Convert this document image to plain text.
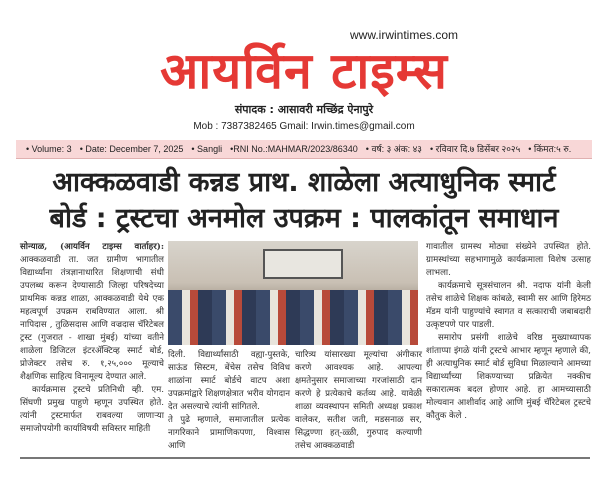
www.irwintimes.com
आयर्विन टाइम्स
संपादक : आसावरी मच्छिंद्र ऐनापुरे
Mob : 7387382465 Gmail: Irwin.times@gmail.com
• Volume: 3 • Date: December 7, 2025 • Sangli •RNI No.:MAHMAR/2023/86340 • वर्ष: ३ अंक: ४३ • रविवार दि.७ डिसेंबर २०२५ • किंमत:५ रु.
आक्कळवाडी कन्नड प्राथ. शाळेला अत्याधुनिक स्मार्ट
बोर्ड : ट्रस्टचा अनमोल उपक्रम : पालकांतून समाधान

सोन्याळ, (आयर्विन टाइम्स वार्ताहर): आक्कळवाडी ता. जत ग्रामीण भागातील विद्यार्थ्यांना तंत्रज्ञानाधारित शिक्षणाची संधी उपलब्ध करून देण्यासाठी जिल्हा परिषदेच्या प्राथमिक कन्नड शाळा, आक्कळवाडी येथे एक महत्वपूर्ण उपक्रम राबविण्यात आला. श्री नापिदास , तुळिसदास आणि वज्रदास चॅरिटेबल ट्रस्ट (गुजरात - शाखा मुंबई) यांच्या वतीने शाळेला डिजिटल इंटरॲक्टिव्ह स्मार्ट बोर्ड, प्रोजेक्टर तसेच रु. १,२५,००० मूल्याचे शैक्षणिक साहित्य विनामूल्य देण्यात आले.

कार्यक्रमास ट्रस्टचे प्रतिनिधी व्ही. एम. सिंघणी प्रमुख पाहुणे म्हणून उपस्थित होते. त्यांनी ट्रस्टमार्फत राबवल्या जाणाऱ्या समाजोपयोगी कार्याविषयी सविस्तर माहिती

दिली. विद्यार्थ्यांसाठी वह्या-पुस्तके, साऊंड सिस्टम, बेंचेस तसेच विविध शाळांना स्मार्ट बोर्डचे वाटप अशा उपक्रमांद्वारे शिक्षणक्षेत्रात भरीव योगदान देत असल्याचे त्यांनी सांगितले.

ते पुढे म्हणाले, समाजातील प्रत्येक नागरिकाने प्रामाणिकपणा, विश्वास आणि

चारित्र्य यांसारख्या मूल्यांचा अंगीकार करणे आवश्यक आहे. आपल्या क्षमतेनुसार समाजाच्या गरजांसाठी दान करणे हे प्रत्येकाचे कर्तव्य आहे. यावेळी शाळा व्यवस्थापन समिती अध्यक्ष प्रकाश वालेकर, सतीश जती, मडसनाळ सर, सिद्धण्णा हत्-ळ्ळी, गुरुपाद कल्याणी तसेच आक्कळवाडी

गावातील ग्रामस्थ मोठ्या संख्येने उपस्थित होते. ग्रामस्थांच्या सहभागामुळे कार्यक्रमाला विशेष उत्साह लाभला.

कार्यक्रमाचे सूत्रसंचालन श्री. नदाफ यांनी केली तसेच शाळेचे शिक्षक कांबळे, स्वामी सर आणि हिरेमठ मॅडम यांनी पाहुण्यांचे स्वागत व सत्काराची जबाबदारी उत्कृष्टपणे पार पाडली.

समारोप प्रसंगी शाळेचे वरिष्ठ मुख्याध्यापक शांताप्पा इंगळे यांनी ट्रस्टचे आभार म्हणून म्हणाले की, ही अत्याधुनिक स्मार्ट बोर्ड सुविधा मिळाल्याने आमच्या विद्यार्थ्यांच्या शिकण्याच्या प्रक्रियेत नक्कीच सकारात्मक बदल होणार आहे. हा आमच्यासाठी मोल्यवान आशीर्वाद आहे आणि मुंबई चॅरिटेबल ट्रस्टचे कौतुक केले .
